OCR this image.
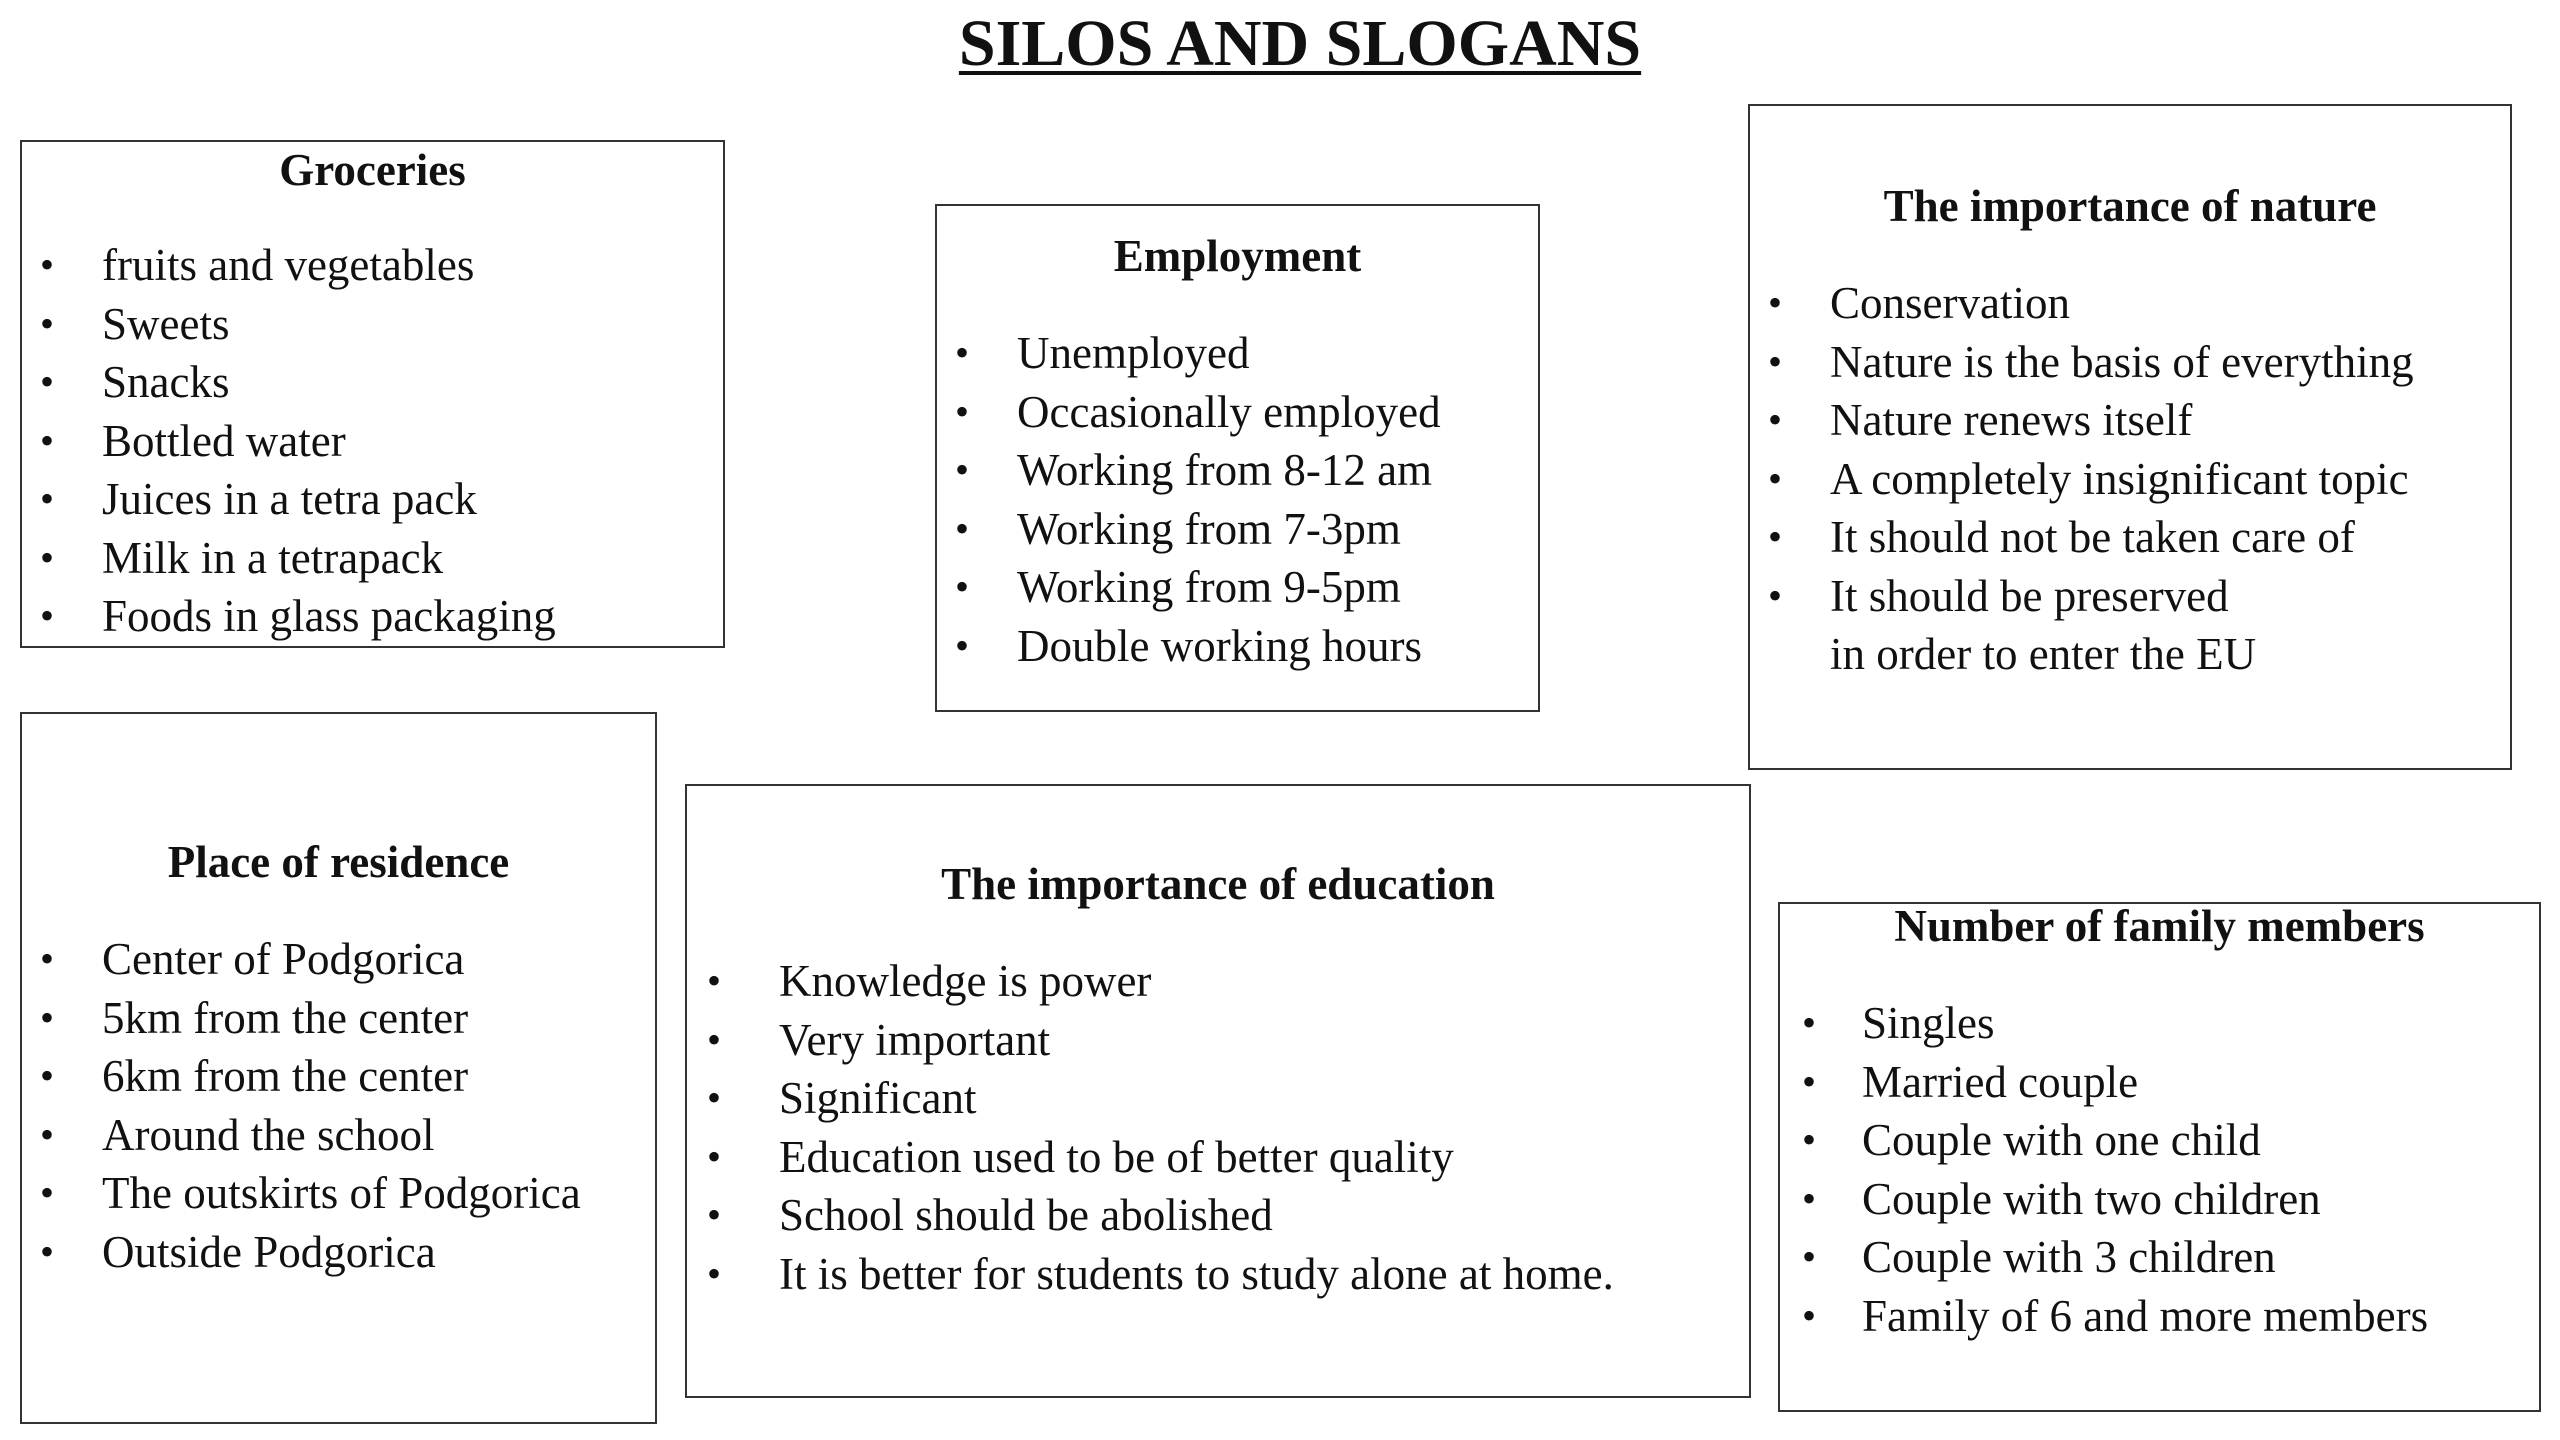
SILOS AND SLOGANS
Groceries
• fruits and vegetables
• Sweets
• Snacks
• Bottled water
• Juices in a tetra pack
• Milk in a tetrapack
• Foods in glass packaging
Employment
• Unemployed
• Occasionally employed
• Working from 8-12 am
• Working from 7-3pm
• Working from 9-5pm
• Double working hours
The importance of nature
• Conservation
• Nature is the basis of everything
• Nature renews itself
• A completely insignificant topic
• It should not be taken care of
• It should be preserved
in order to enter the EU
Place of residence
• Center of Podgorica
• 5km from the center
• 6km from the center
• Around the school
• The outskirts of Podgorica
• Outside Podgorica
The importance of education
• Knowledge is power
• Very important
• Significant
• Education used to be of better quality
• School should be abolished
• It is better for students to study alone at home.
Number of family members
• Singles
• Married couple
• Couple with one child
• Couple with two children
• Couple with 3 children
• Family of 6 and more members
